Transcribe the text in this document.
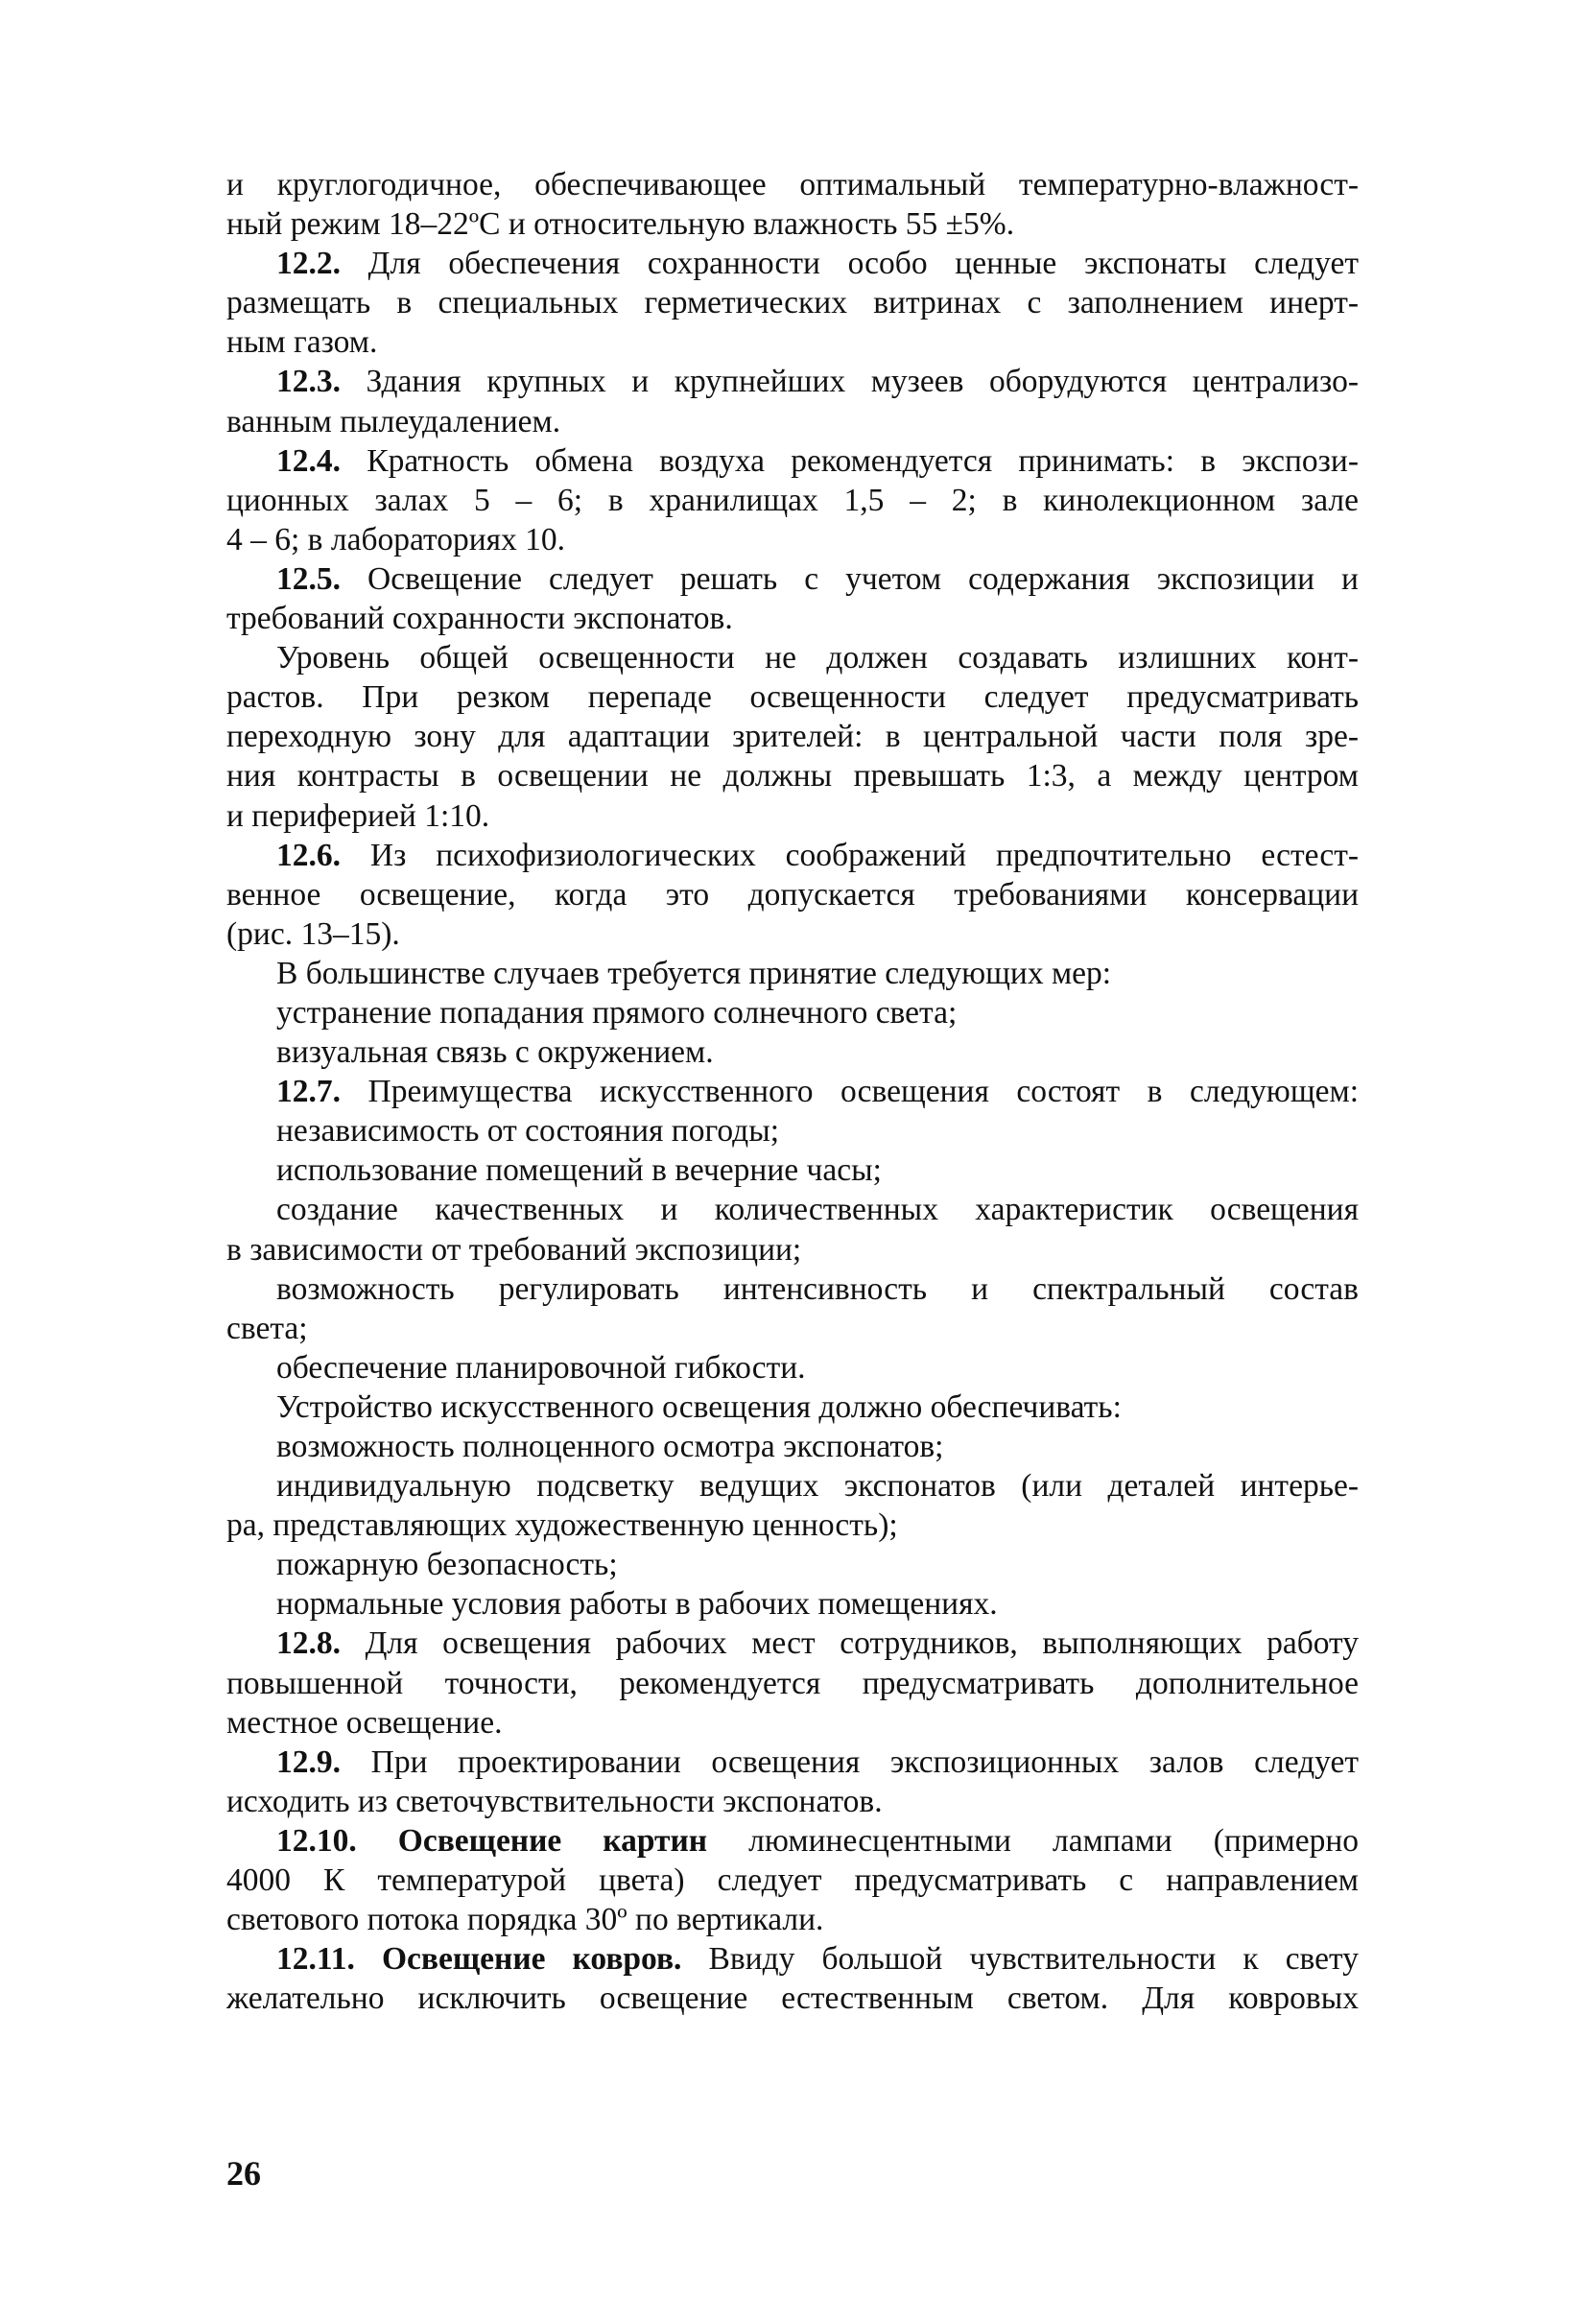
и круглогодичное, обеспечивающее оптимальный температурно-влажност-
ный режим 18–22ºС и относительную влажность 55 ±5%.
12.2. Для обеспечения сохранности особо ценные экспонаты следует
размещать в специальных герметических витринах с заполнением инерт-
ным газом.
12.3. Здания крупных и крупнейших музеев оборудуются централизо-
ванным пылеудалением.
12.4. Кратность обмена воздуха рекомендуется принимать: в экспози-
ционных залах 5 – 6; в хранилищах 1,5 – 2; в кинолекционном зале
4 – 6; в лабораториях 10.
12.5. Освещение следует решать с учетом содержания экспозиции и
требований сохранности экспонатов.
Уровень общей освещенности не должен создавать излишних конт-
растов. При резком перепаде освещенности следует предусматривать
переходную зону для адаптации зрителей: в центральной части поля зре-
ния контрасты в освещении не должны превышать 1:3, а между центром
и периферией 1:10.
12.6. Из психофизиологических соображений предпочтительно естест-
венное освещение, когда это допускается требованиями консервации
(рис. 13–15).
В большинстве случаев требуется принятие следующих мер:
устранение попадания прямого солнечного света;
визуальная связь с окружением.
12.7. Преимущества искусственного освещения состоят в следующем:
независимость от состояния погоды;
использование помещений в вечерние часы;
создание качественных и количественных характеристик освещения
в зависимости от требований экспозиции;
возможность регулировать интенсивность и спектральный состав
света;
обеспечение планировочной гибкости.
Устройство искусственного освещения должно обеспечивать:
возможность полноценного осмотра экспонатов;
индивидуальную подсветку ведущих экспонатов (или деталей интерье-
ра, представляющих художественную ценность);
пожарную безопасность;
нормальные условия работы в рабочих помещениях.
12.8. Для освещения рабочих мест сотрудников, выполняющих работу
повышенной точности, рекомендуется предусматривать дополнительное
местное освещение.
12.9. При проектировании освещения экспозиционных залов следует
исходить из светочувствительности экспонатов.
12.10. Освещение картин люминесцентными лампами (примерно
4000 К температурой цвета) следует предусматривать с направлением
светового потока порядка 30º по вертикали.
12.11. Освещение ковров. Ввиду большой чувствительности к свету
желательно исключить освещение естественным светом. Для ковровых
26
